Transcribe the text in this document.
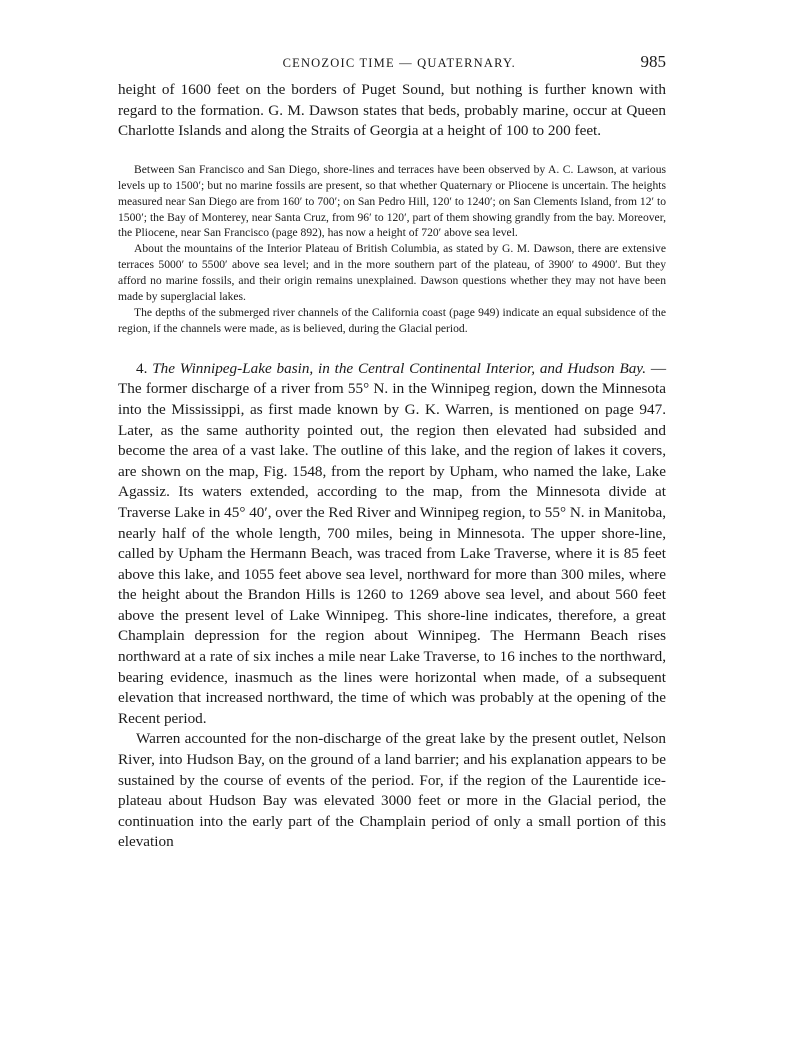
CENOZOIC TIME — QUATERNARY.	985

height of 1600 feet on the borders of Puget Sound, but nothing is further known with regard to the formation. G. M. Dawson states that beds, probably marine, occur at Queen Charlotte Islands and along the Straits of Georgia at a height of 100 to 200 feet.

Between San Francisco and San Diego, shore-lines and terraces have been observed by A. C. Lawson, at various levels up to 1500′; but no marine fossils are present, so that whether Quaternary or Pliocene is uncertain. The heights measured near San Diego are from 160′ to 700′; on San Pedro Hill, 120′ to 1240′; on San Clements Island, from 12′ to 1500′; the Bay of Monterey, near Santa Cruz, from 96′ to 120′, part of them showing grandly from the bay. Moreover, the Pliocene, near San Francisco (page 892), has now a height of 720′ above sea level.

About the mountains of the Interior Plateau of British Columbia, as stated by G. M. Dawson, there are extensive terraces 5000′ to 5500′ above sea level; and in the more southern part of the plateau, of 3900′ to 4900′. But they afford no marine fossils, and their origin remains unexplained. Dawson questions whether they may not have been made by superglacial lakes.

The depths of the submerged river channels of the California coast (page 949) indicate an equal subsidence of the region, if the channels were made, as is believed, during the Glacial period.

4. The Winnipeg-Lake basin, in the Central Continental Interior, and Hudson Bay. — The former discharge of a river from 55° N. in the Winnipeg region, down the Minnesota into the Mississippi, as first made known by G. K. Warren, is mentioned on page 947. Later, as the same authority pointed out, the region then elevated had subsided and become the area of a vast lake. The outline of this lake, and the region of lakes it covers, are shown on the map, Fig. 1548, from the report by Upham, who named the lake, Lake Agassiz. Its waters extended, according to the map, from the Minnesota divide at Traverse Lake in 45° 40′, over the Red River and Winnipeg region, to 55° N. in Manitoba, nearly half of the whole length, 700 miles, being in Minnesota. The upper shore-line, called by Upham the Hermann Beach, was traced from Lake Traverse, where it is 85 feet above this lake, and 1055 feet above sea level, northward for more than 300 miles, where the height about the Brandon Hills is 1260 to 1269 above sea level, and about 560 feet above the present level of Lake Winnipeg. This shore-line indicates, therefore, a great Champlain depression for the region about Winnipeg. The Hermann Beach rises northward at a rate of six inches a mile near Lake Traverse, to 16 inches to the northward, bearing evidence, inasmuch as the lines were horizontal when made, of a subsequent elevation that increased northward, the time of which was probably at the opening of the Recent period.

Warren accounted for the non-discharge of the great lake by the present outlet, Nelson River, into Hudson Bay, on the ground of a land barrier; and his explanation appears to be sustained by the course of events of the period. For, if the region of the Laurentide ice-plateau about Hudson Bay was elevated 3000 feet or more in the Glacial period, the continuation into the early part of the Champlain period of only a small portion of this elevation
